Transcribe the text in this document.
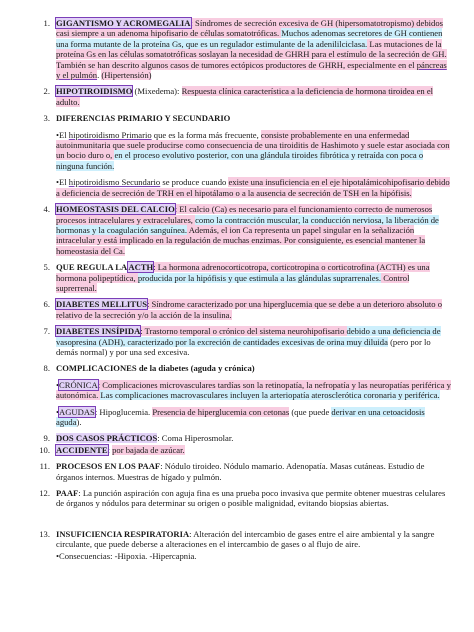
1. GIGANTISMO Y ACROMEGALIA: Síndromes de secreción excesiva de GH (hipersomatotropismo) debidos casi siempre a un adenoma hipofisario de células somatotróficas. Muchos adenomas secretores de GH contienen una forma mutante de la proteína Gs, que es un regulador estimulante de la adenililciclasa. Las mutaciones de la proteína Gs en las células somatotróficas soslayan la necesidad de GHRH para el estímulo de la secreción de GH. También se han descrito algunos casos de tumores ectópicos productores de GHRH, especialmente en el páncreas y el pulmón. (Hipertensión)
2. HIPOTIROIDISMO (Mixedema): Respuesta clínica característica a la deficiencia de hormona tiroidea en el adulto.
3. DIFERENCIAS PRIMARIO Y SECUNDARIO
•El hipotiroidismo Primario que es la forma más frecuente, consiste probablemente en una enfermedad autoinmunitaria que suele producirse como consecuencia de una tiroiditis de Hashimoto y suele estar asociada con un bocio duro o, en el proceso evolutivo posterior, con una glándula tiroides fibrótica y retraída con poca o ninguna función.
•El hipotiroidismo Secundario se produce cuando existe una insuficiencia en el eje hipotalámicohipofisario debido a deficiencia de secreción de TRH en el hipotálamo o a la ausencia de secreción de TSH en la hipófisis.
4. HOMEOSTASIS DEL CALCIO: El calcio (Ca) es necesario para el funcionamiento correcto de numerosos procesos intracelulares y extracelulares, como la contracción muscular, la conducción nerviosa, la liberación de hormonas y la coagulación sanguínea. Además, el ion Ca representa un papel singular en la señalización intracelular y está implicado en la regulación de muchas enzimas. Por consiguiente, es esencial mantener la homeostasia del Ca.
5. QUE REGULA LA ACTH: La hormona adrenocorticotropa, corticotropina o corticotrofina (ACTH) es una hormona polipeptídica, producida por la hipófisis y que estimula a las glándulas suprarrenales. Control suprerrenal.
6. DIABETES MELLITUS: Síndrome caracterizado por una hiperglucemia que se debe a un deterioro absoluto o relativo de la secreción y/o la acción de la insulina.
7. DIABETES INSÍPIDA: Trastorno temporal o crónico del sistema neurohipofisario debido a una deficiencia de vasopresina (ADH), caracterizado por la excreción de cantidades excesivas de orina muy diluida (pero por lo demás normal) y por una sed excesiva.
8. COMPLICACIONES de la diabetes (aguda y crónica)
•CRÓNICA: Complicaciones microvasculares tardías son la retinopatía, la nefropatía y las neuropatías periférica y autonómica. Las complicaciones macrovasculares incluyen la arteriopatía aterosclerótica coronaria y periférica.
•AGUDAS: Hipoglucemia. Presencia de hiperglucemia con cetonas (que puede derivar en una cetoacidosis aguda).
9. DOS CASOS PRÁCTICOS: Coma Hiperosmolar.
10. ACCIDENTE: por bajada de azúcar.
11. PROCESOS EN LOS PAAF: Nódulo tiroideo. Nódulo mamario. Adenopatía. Masas cutáneas. Estudio de órganos internos. Muestras de hígado y pulmón.
12. PAAF: La punción aspiración con aguja fina es una prueba poco invasiva que permite obtener muestras celulares de órganos y nódulos para determinar su origen o posible malignidad, evitando biopsias abiertas.
13. INSUFICIENCIA RESPIRATORIA: Alteración del intercambio de gases entre el aire ambiental y la sangre circulante, que puede deberse a alteraciones en el intercambio de gases o al flujo de aire.
•Consecuencias: -Hipoxia. -Hipercapnia.
